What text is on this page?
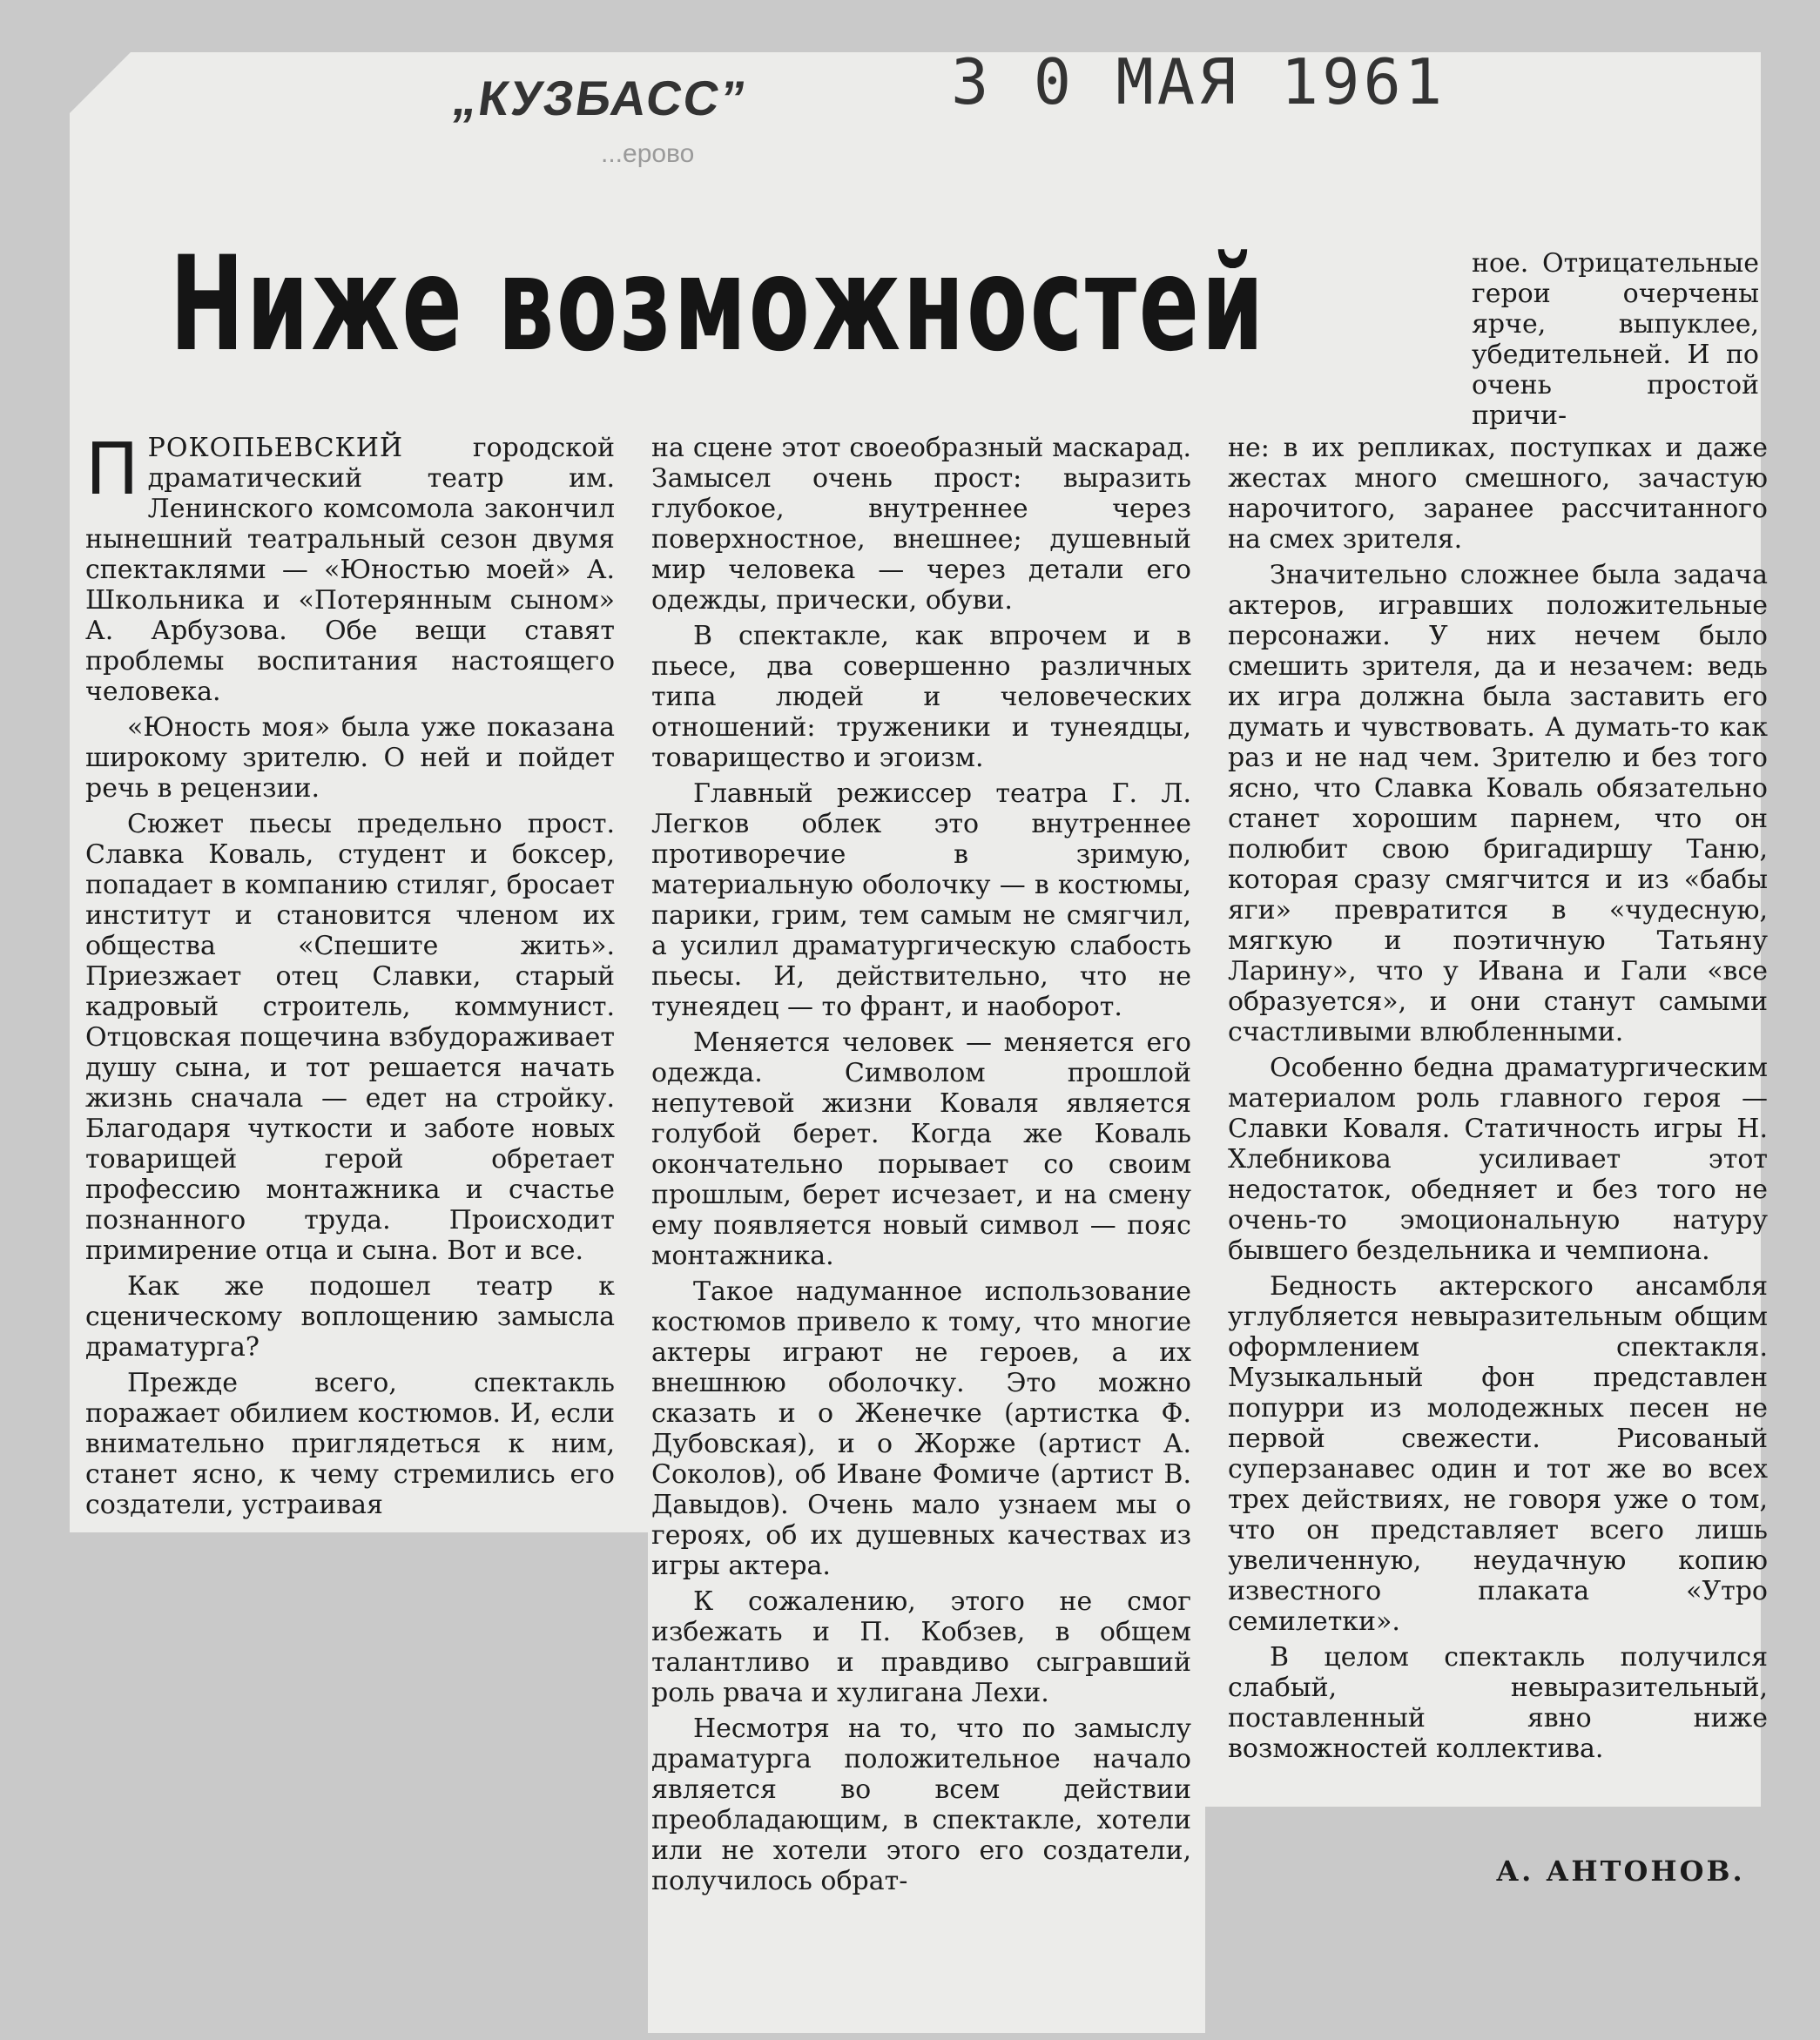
„КУЗБАСС”
...ерово
3 0 МАЯ 1961
Ниже возможностей

ПРОКОПЬЕВСКИЙ	городской драматический театр им. Ленинского комсомола закончил нынешний театральный сезон двумя спектаклями — «Юностью моей» А. Школьника и «Потерянным сыном» А. Арбузова. Обе вещи ставят проблемы воспитания настоящего человека.

«Юность моя» была уже показана широкому зрителю. О ней и пойдет речь в рецензии.

Сюжет пьесы предельно прост. Славка Коваль, студент и боксер, попадает в компанию стиляг, бросает институт и становится членом их общества «Спешите жить». Приезжает отец Славки, старый кадровый строитель, коммунист. Отцовская пощечина взбудораживает душу сына, и тот решается начать жизнь сначала — едет на стройку. Благодаря чуткости и заботе новых товарищей герой обретает профессию монтажника и счастье познанного труда. Происходит примирение отца и сына. Вот и все.

Как же подошел театр к сценическому воплощению замысла драматурга?

Прежде всего, спектакль поражает обилием костюмов. И, если внимательно приглядеться к ним, станет ясно, к чему стремились его создатели, устраивая

на сцене этот своеобразный маскарад. Замысел очень прост: выразить глубокое, внутреннее через поверхностное, внешнее; душевный мир человека — через детали его одежды, прически, обуви.

В спектакле, как впрочем и в пьесе, два совершенно различных типа людей и человеческих отношений: труженики и тунеядцы, товарищество и эгоизм.

Главный режиссер театра Г. Л. Легков облек это внутреннее противоречие в зримую, материальную оболочку — в костюмы, парики, грим, тем самым не смягчил, а усилил драматургическую слабость пьесы. И, действительно, что не тунеядец — то франт, и наоборот.

Меняется человек — меняется его одежда. Символом прошлой непутевой жизни Коваля является голубой берет. Когда же Коваль окончательно порывает со своим прошлым, берет исчезает, и на смену ему появляется новый символ — пояс монтажника.

Такое надуманное использование костюмов привело к тому, что многие актеры играют не героев, а их внешнюю оболочку. Это можно сказать и о Женечке (артистка Ф. Дубовская), и о Жорже (артист А. Соколов), об Иване Фомиче (артист В. Давыдов). Очень мало узнаем мы о героях, об их душевных качествах из игры актера.

К сожалению, этого не смог избежать и П. Кобзев, в общем талантливо и правдиво сыгравший роль рвача и хулигана Лехи.

Несмотря на то, что по замыслу драматурга положительное начало является во всем действии преобладающим, в спектакле, хотели или не хотели этого его создатели, получилось обрат-

ное. Отрицательные герои очерчены ярче, выпуклее, убедительней. И по очень простой причи-

не: в их репликах, поступках и даже жестах много смешного, зачастую нарочитого, заранее рассчитанного на смех зрителя.

Значительно сложнее была задача актеров, игравших положительные персонажи. У них нечем было смешить зрителя, да и незачем: ведь их игра должна была заставить его думать и чувствовать. А думать-то как раз и не над чем. Зрителю и без того ясно, что Славка Коваль обязательно станет хорошим парнем, что он полюбит свою бригадиршу Таню, которая сразу смягчится и из «бабы яги» превратится в «чудесную, мягкую и поэтичную Татьяну Ларину», что у Ивана и Гали «все образуется», и они станут самыми счастливыми влюбленными.

Особенно бедна драматургическим материалом роль главного героя — Славки Коваля. Статичность игры Н. Хлебникова усиливает этот недостаток, обедняет и без того не очень-то эмоциональную натуру бывшего бездельника и чемпиона.

Бедность актерского ансамбля углубляется невыразительным общим оформлением спектакля. Музыкальный фон представлен попурри из молодежных песен не первой свежести. Рисованый суперзанавес один и тот же во всех трех действиях, не говоря уже о том, что он представляет всего лишь увеличенную, неудачную копию известного плаката «Утро семилетки».

В целом спектакль получился слабый, невыразительный, поставленный явно ниже возможностей коллектива.

А. АНТОНОВ.
